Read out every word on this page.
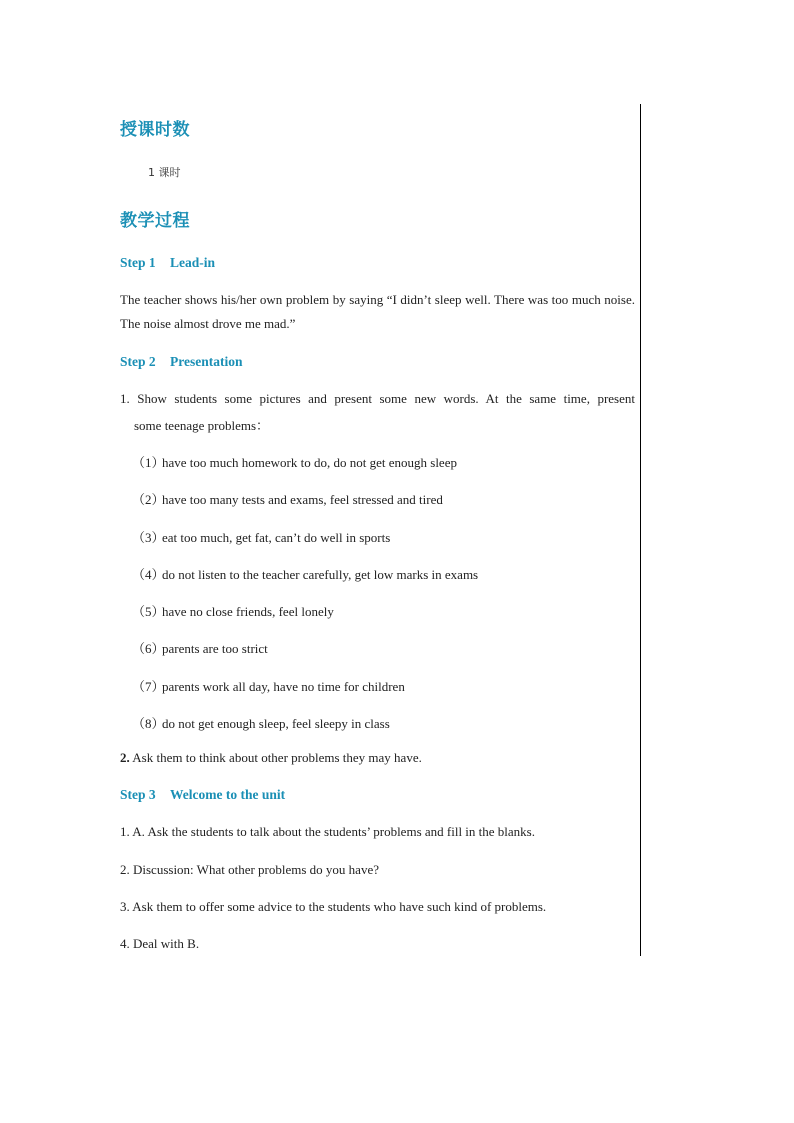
授课时数
1 课时
教学过程
Step 1 Lead-in
The teacher shows his/her own problem by saying “I didn’t sleep well. There was too much noise. The noise almost drove me mad.”
Step 2 Presentation
1. Show students some pictures and present some new words. At the same time, present
some teenage problems：
（1）have too much homework to do, do not get enough sleep
（2）have too many tests and exams, feel stressed and tired
（3）eat too much, get fat, can’t do well in sports
（4）do not listen to the teacher carefully, get low marks in exams
（5）have no close friends, feel lonely
（6）parents are too strict
（7）parents work all day, have no time for children
（8）do not get enough sleep, feel sleepy in class
2. Ask them to think about other problems they may have.
Step 3 Welcome to the unit
1. A. Ask the students to talk about the students’ problems and fill in the blanks.
2. Discussion: What other problems do you have?
3. Ask them to offer some advice to the students who have such kind of problems.
4. Deal with B.
